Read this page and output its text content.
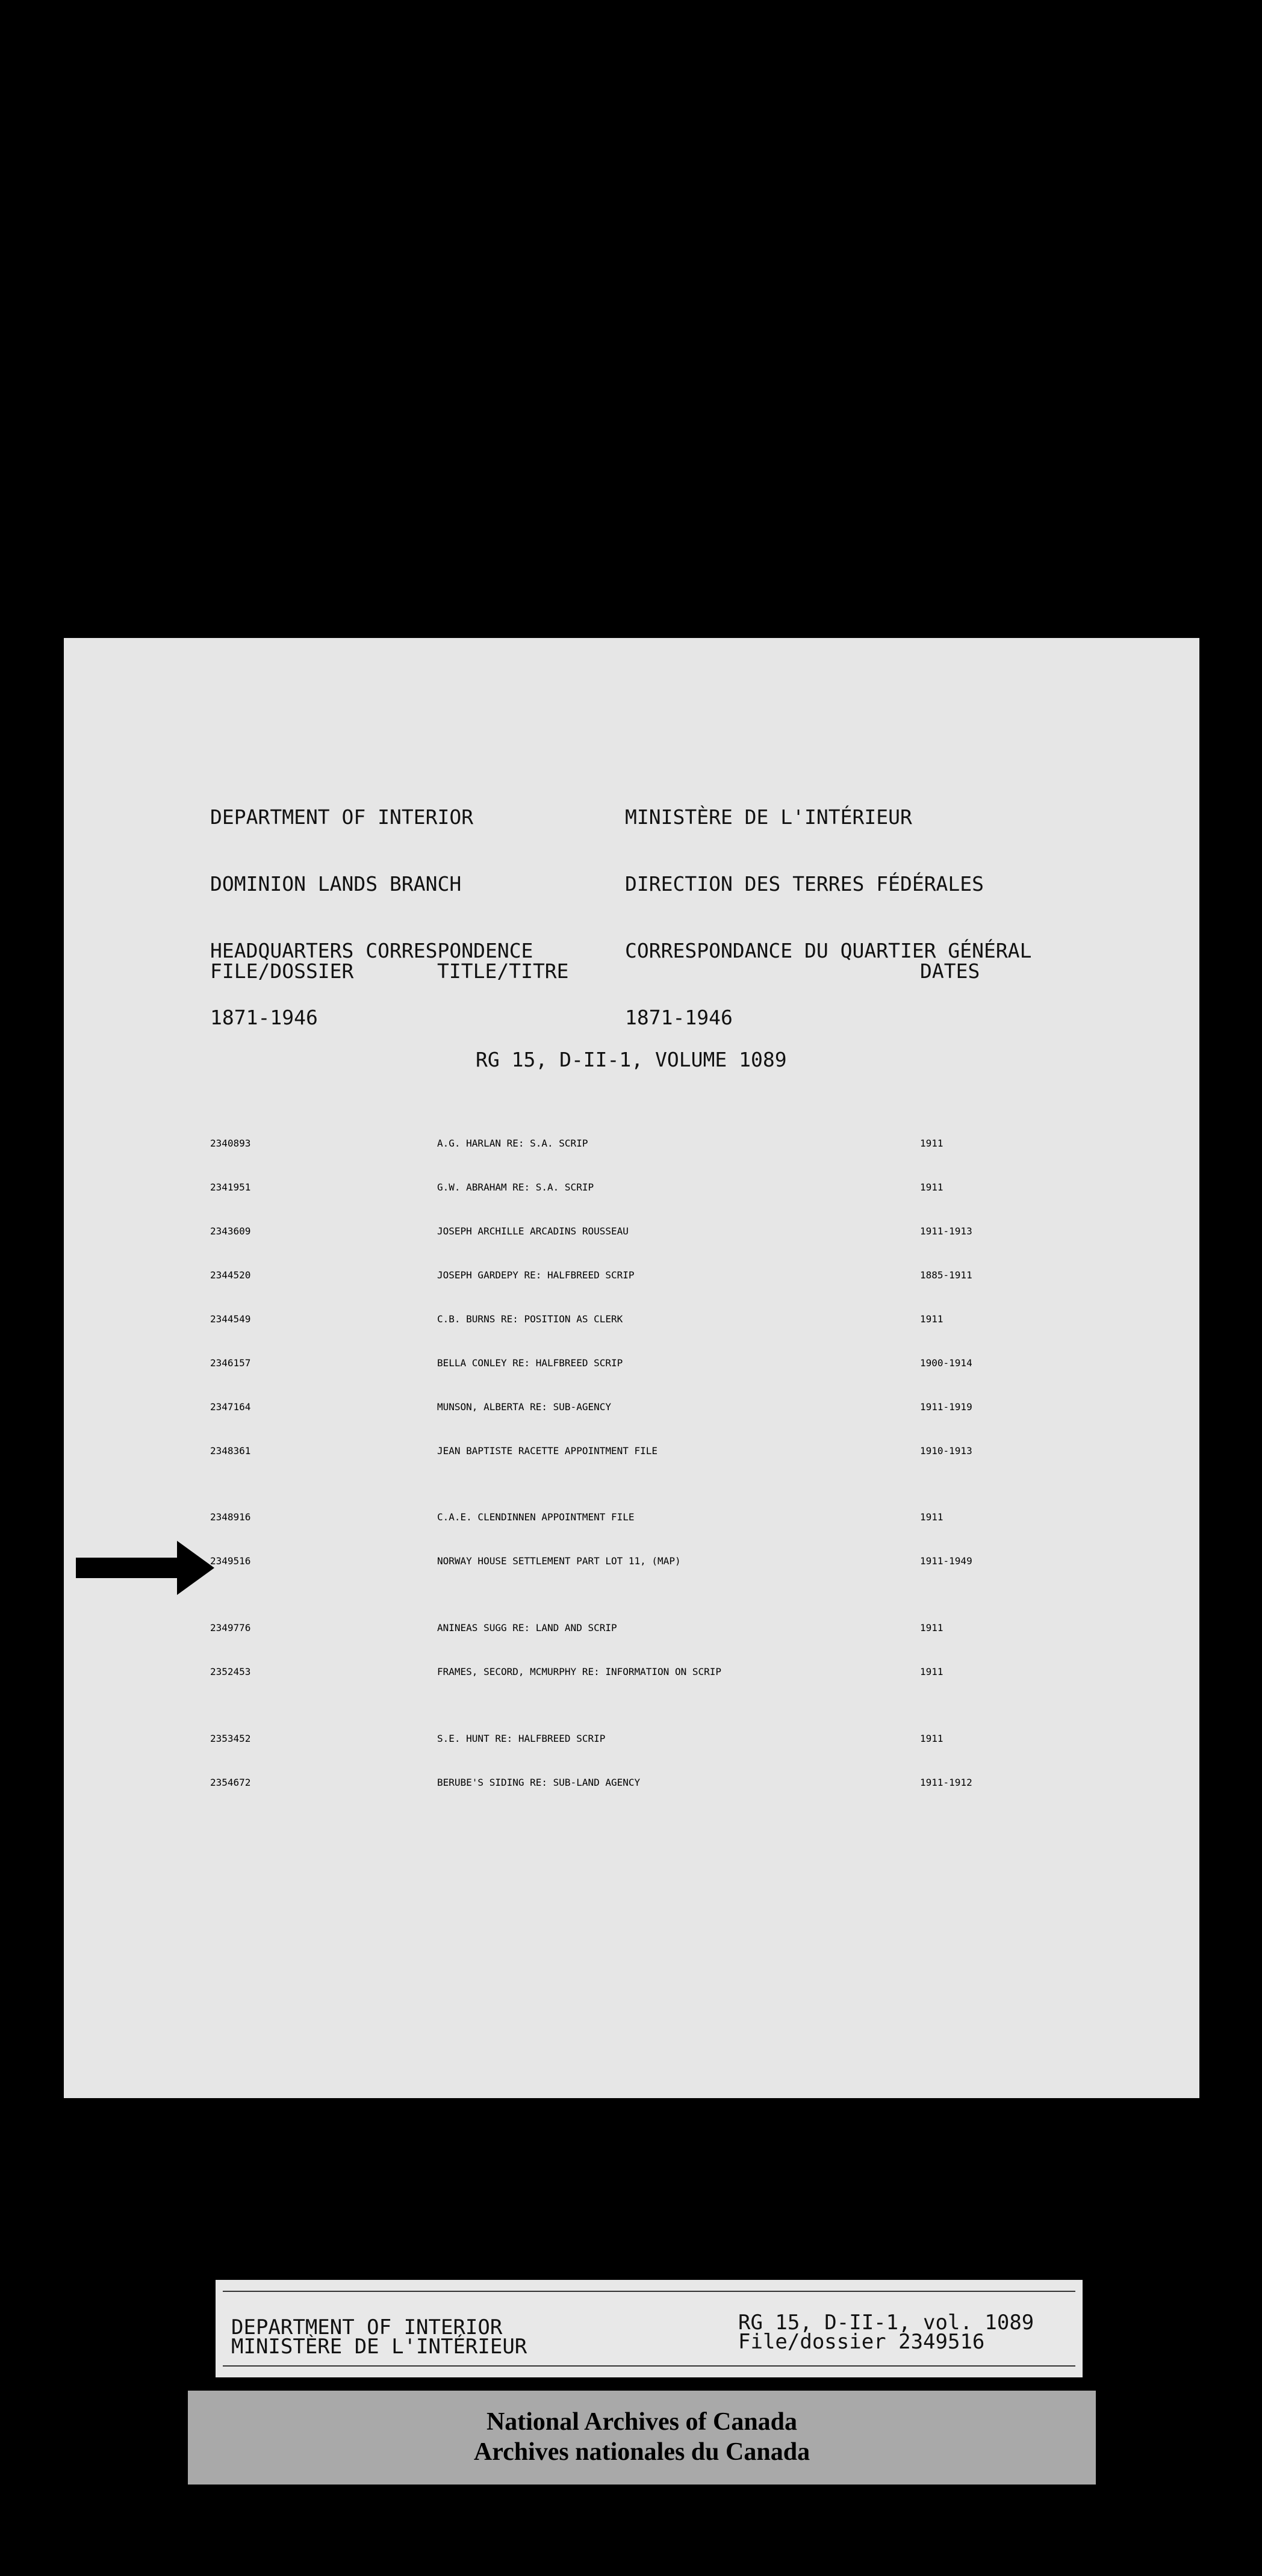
DEPARTMENT OF INTERIOR

DOMINION LANDS BRANCH

HEADQUARTERS CORRESPONDENCE

1871-1946

MINISTÈRE DE L'INTÉRIEUR

DIRECTION DES TERRES FÉDÉRALES

CORRESPONDANCE DU QUARTIER GÉNÉRAL

1871-1946

FILE/DOSSIER	TITLE/TITRE	DATES
RG 15, D-II-1, VOLUME 1089
2340893	A.G. HARLAN RE: S.A. SCRIP	1911
2341951	G.W. ABRAHAM RE: S.A. SCRIP	1911
2343609	JOSEPH ARCHILLE ARCADINS ROUSSEAU	1911-1913
2344520	JOSEPH GARDEPY RE: HALFBREED SCRIP	1885-1911
2344549	C.B. BURNS RE: POSITION AS CLERK	1911
2346157	BELLA CONLEY RE: HALFBREED SCRIP	1900-1914
2347164	MUNSON, ALBERTA RE: SUB-AGENCY	1911-1919
2348361	JEAN BAPTISTE RACETTE APPOINTMENT FILE	1910-1913
2348916	C.A.E. CLENDINNEN APPOINTMENT FILE	1911
2349516	NORWAY HOUSE SETTLEMENT PART LOT 11, (MAP)	1911-1949
2349776	ANINEAS SUGG RE: LAND AND SCRIP	1911
2352453	FRAMES, SECORD, MCMURPHY RE: INFORMATION ON SCRIP	1911
2353452	S.E. HUNT RE: HALFBREED SCRIP	1911
2354672	BERUBE'S SIDING RE: SUB-LAND AGENCY	1911-1912
DEPARTMENT OF INTERIOR
MINISTÈRE DE L'INTÉRIEUR
RG 15, D-II-1, vol. 1089
File/dossier 2349516
National Archives of Canada
Archives nationales du Canada
